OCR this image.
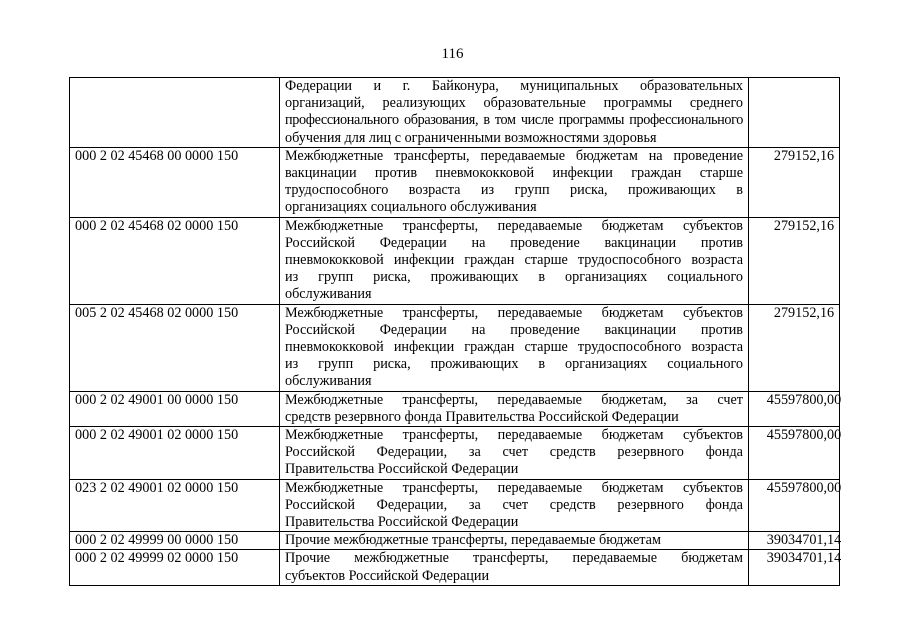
116

	Федерации и г. Байконура, муниципальных образовательных
организаций, реализующих образовательные программы среднего
профессионального образования, в том числе программы профессионального
обучения для лиц с ограниченными возможностями здоровья	

000 2 02 45468 00 0000 150	Межбюджетные трансферты, передаваемые бюджетам на проведение
вакцинации против пневмококковой инфекции граждан старше
трудоспособного возраста из групп риска, проживающих в
организациях социального обслуживания	279152,16
000 2 02 45468 02 0000 150	Межбюджетные трансферты, передаваемые бюджетам субъектов
Российской Федерации на проведение вакцинации против
пневмококковой инфекции граждан старше трудоспособного возраста
из групп риска, проживающих в организациях социального
обслуживания	279152,16
005 2 02 45468 02 0000 150	Межбюджетные трансферты, передаваемые бюджетам субъектов
Российской Федерации на проведение вакцинации против
пневмококковой инфекции граждан старше трудоспособного возраста
из групп риска, проживающих в организациях социального
обслуживания	279152,16
000 2 02 49001 00 0000 150	Межбюджетные трансферты, передаваемые бюджетам, за счет
средств резервного фонда Правительства Российской Федерации	45597800,00
000 2 02 49001 02 0000 150	Межбюджетные трансферты, передаваемые бюджетам субъектов
Российской Федерации, за счет средств резервного фонда
Правительства Российской Федерации	45597800,00
023 2 02 49001 02 0000 150	Межбюджетные трансферты, передаваемые бюджетам субъектов
Российской Федерации, за счет средств резервного фонда
Правительства Российской Федерации	45597800,00
000 2 02 49999 00 0000 150	Прочие межбюджетные трансферты, передаваемые бюджетам	39034701,14
000 2 02 49999 02 0000 150	Прочие межбюджетные трансферты, передаваемые бюджетам
субъектов Российской Федерации	39034701,14
